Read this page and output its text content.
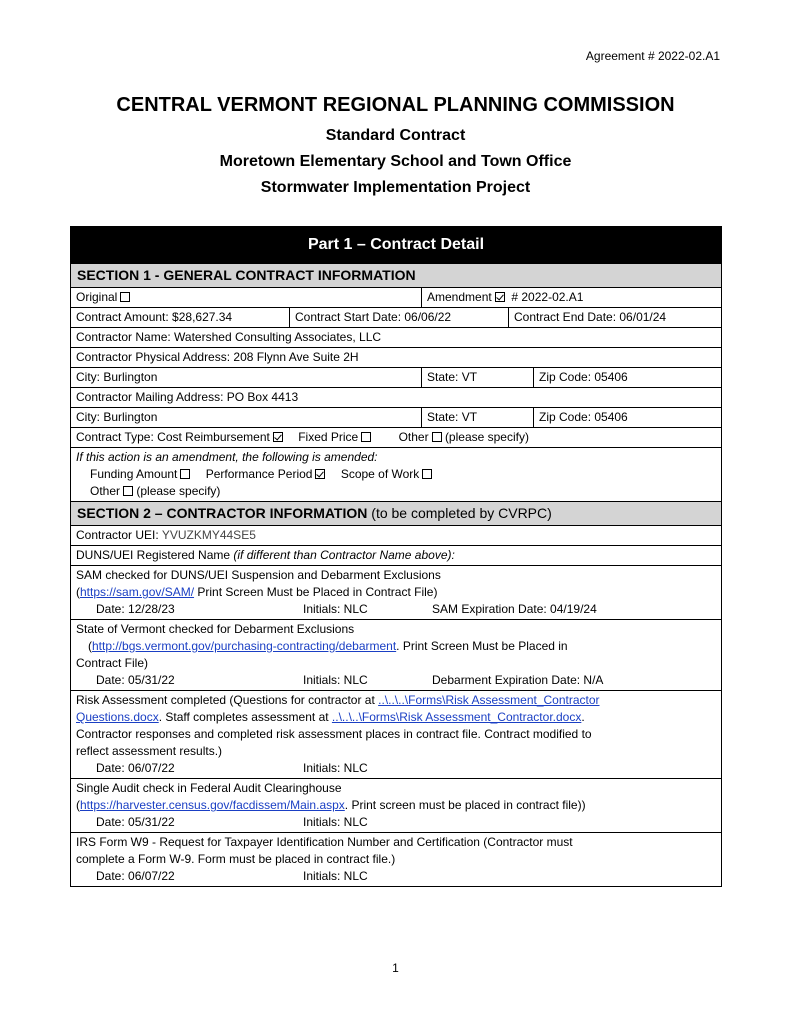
Agreement # 2022-02.A1
CENTRAL VERMONT REGIONAL PLANNING COMMISSION
Standard Contract
Moretown Elementary School and Town Office
Stormwater Implementation Project
Part 1 – Contract Detail
SECTION 1 - GENERAL CONTRACT INFORMATION
Original	Amendment # 2022-02.A1
Contract Amount: $28,627.34	Contract Start Date: 06/06/22	Contract End Date: 06/01/24
Contractor Name: Watershed Consulting Associates, LLC
Contractor Physical Address: 208 Flynn Ave Suite 2H
City: Burlington	State: VT	Zip Code: 05406
Contractor Mailing Address: PO Box 4413
City: Burlington	State: VT	Zip Code: 05406
Contract Type: Cost Reimbursement Fixed Price	Other (please specify)
If this action is an amendment, the following is amended:
Funding Amount Performance Period Scope of Work
Other (please specify)
SECTION 2 – CONTRACTOR INFORMATION (to be completed by CVRPC)
Contractor UEI: YVUZKMY44SE5
DUNS/UEI Registered Name (if different than Contractor Name above):
SAM checked for DUNS/UEI Suspension and Debarment Exclusions
(https://sam.gov/SAM/ Print Screen Must be Placed in Contract File)
Date: 12/28/23	Initials: NLC	SAM Expiration Date: 04/19/24
State of Vermont checked for Debarment Exclusions
(http://bgs.vermont.gov/purchasing-contracting/debarment. Print Screen Must be Placed in
Contract File)
Date: 05/31/22	Initials: NLC	Debarment Expiration Date: N/A
Risk Assessment completed (Questions for contractor at ..\..\..\Forms\Risk Assessment_Contractor
Questions.docx. Staff completes assessment at ..\..\..\Forms\Risk Assessment_Contractor.docx.
Contractor responses and completed risk assessment places in contract file. Contract modified to
reflect assessment results.)
Date: 06/07/22	Initials: NLC
Single Audit check in Federal Audit Clearinghouse
(https://harvester.census.gov/facdissem/Main.aspx. Print screen must be placed in contract file))
Date: 05/31/22	Initials: NLC
IRS Form W9 - Request for Taxpayer Identification Number and Certification (Contractor must
complete a Form W-9. Form must be placed in contract file.)
Date: 06/07/22	Initials: NLC
1
